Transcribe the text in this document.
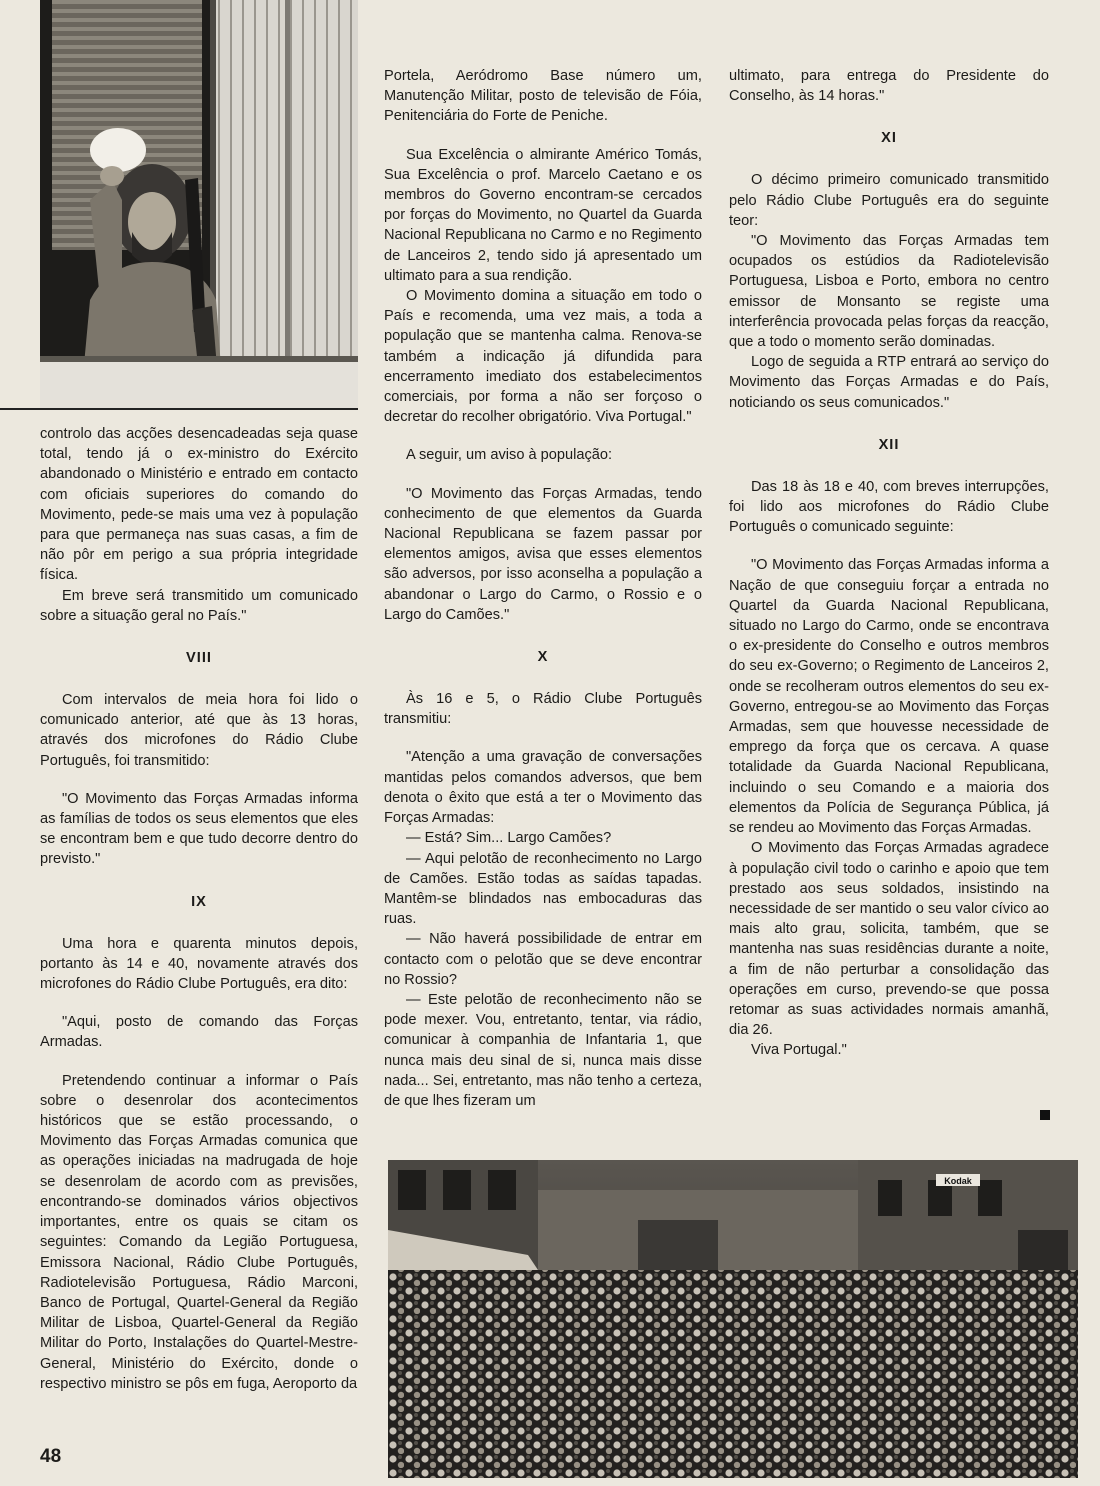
controlo das acções desencadeadas seja quase total, tendo já o ex-ministro do Exército abandonado o Ministério e entrado em contacto com oficiais superiores do comando do Movimento, pede-se mais uma vez à população para que permaneça nas suas casas, a fim de não pôr em perigo a sua própria integridade física.

Em breve será transmitido um comunicado sobre a situação geral no País."

VIII

Com intervalos de meia hora foi lido o comunicado anterior, até que às 13 horas, através dos microfones do Rádio Clube Português, foi transmitido:

"O Movimento das Forças Armadas informa as famílias de todos os seus elementos que eles se encontram bem e que tudo decorre dentro do previsto."

IX

Uma hora e quarenta minutos depois, portanto às 14 e 40, novamente através dos microfones do Rádio Clube Português, era dito:

"Aqui, posto de comando das Forças Armadas.

Pretendendo continuar a informar o País sobre o desenrolar dos acontecimentos históricos que se estão processando, o Movimento das Forças Armadas comunica que as operações iniciadas na madrugada de hoje se desenrolam de acordo com as previsões, encontrando-se dominados vários objectivos importantes, entre os quais se citam os seguintes: Comando da Legião Portuguesa, Emissora Nacional, Rádio Clube Português, Radiotelevisão Portuguesa, Rádio Marconi, Banco de Portugal, Quartel-General da Região Militar de Lisboa, Quartel-General da Região Militar do Porto, Instalações do Quartel-Mestre-General, Ministério do Exército, donde o respectivo ministro se pôs em fuga, Aeroporto da

Portela, Aeródromo Base número um, Manutenção Militar, posto de televisão de Fóia, Penitenciária do Forte de Peniche.

Sua Excelência o almirante Américo Tomás, Sua Excelência o prof. Marcelo Caetano e os membros do Governo encontram-se cercados por forças do Movimento, no Quartel da Guarda Nacional Republicana no Carmo e no Regimento de Lanceiros 2, tendo sido já apresentado um ultimato para a sua rendição.

O Movimento domina a situação em todo o País e recomenda, uma vez mais, a toda a população que se mantenha calma. Renova-se também a indicação já difundida para encerramento imediato dos estabelecimentos comerciais, por forma a não ser forçoso o decretar do recolher obrigatório. Viva Portugal."

A seguir, um aviso à população:

"O Movimento das Forças Armadas, tendo conhecimento de que elementos da Guarda Nacional Republicana se fazem passar por elementos amigos, avisa que esses elementos são adversos, por isso aconselha a população a abandonar o Largo do Carmo, o Rossio e o Largo do Camões."

X

Às 16 e 5, o Rádio Clube Português transmitiu:

"Atenção a uma gravação de conversações mantidas pelos comandos adversos, que bem denota o êxito que está a ter o Movimento das Forças Armadas:

— Está? Sim... Largo Camões?

— Aqui pelotão de reconhecimento no Largo de Camões. Estão todas as saídas tapadas. Mantêm-se blindados nas embocaduras das ruas.

— Não haverá possibilidade de entrar em contacto com o pelotão que se deve encontrar no Rossio?

— Este pelotão de reconhecimento não se pode mexer. Vou, entretanto, tentar, via rádio, comunicar à companhia de Infantaria 1, que nunca mais deu sinal de si, nunca mais disse nada... Sei, entretanto, mas não tenho a certeza, de que lhes fizeram um

ultimato, para entrega do Presidente do Conselho, às 14 horas."

XI

O décimo primeiro comunicado transmitido pelo Rádio Clube Português era do seguinte teor:

"O Movimento das Forças Armadas tem ocupados os estúdios da Radiotelevisão Portuguesa, Lisboa e Porto, embora no centro emissor de Monsanto se registe uma interferência provocada pelas forças da reacção, que a todo o momento serão dominadas.

Logo de seguida a RTP entrará ao serviço do Movimento das Forças Armadas e do País, noticiando os seus comunicados."

XII

Das 18 às 18 e 40, com breves interrupções, foi lido aos microfones do Rádio Clube Português o comunicado seguinte:

"O Movimento das Forças Armadas informa a Nação de que conseguiu forçar a entrada no Quartel da Guarda Nacional Republicana, situado no Largo do Carmo, onde se encontrava o ex-presidente do Conselho e outros membros do seu ex-Governo; o Regimento de Lanceiros 2, onde se recolheram outros elementos do seu ex-Governo, entregou-se ao Movimento das Forças Armadas, sem que houvesse necessidade de emprego da força que os cercava. A quase totalidade da Guarda Nacional Republicana, incluindo o seu Comando e a maioria dos elementos da Polícia de Segurança Pública, já se rendeu ao Movimento das Forças Armadas.

O Movimento das Forças Armadas agradece à população civil todo o carinho e apoio que tem prestado aos seus soldados, insistindo na necessidade de ser mantido o seu valor cívico ao mais alto grau, solicita, também, que se mantenha nas suas residências durante a noite, a fim de não perturbar a consolidação das operações em curso, prevendo-se que possa retomar as suas actividades normais amanhã, dia 26.

Viva Portugal."

Kodak
48
